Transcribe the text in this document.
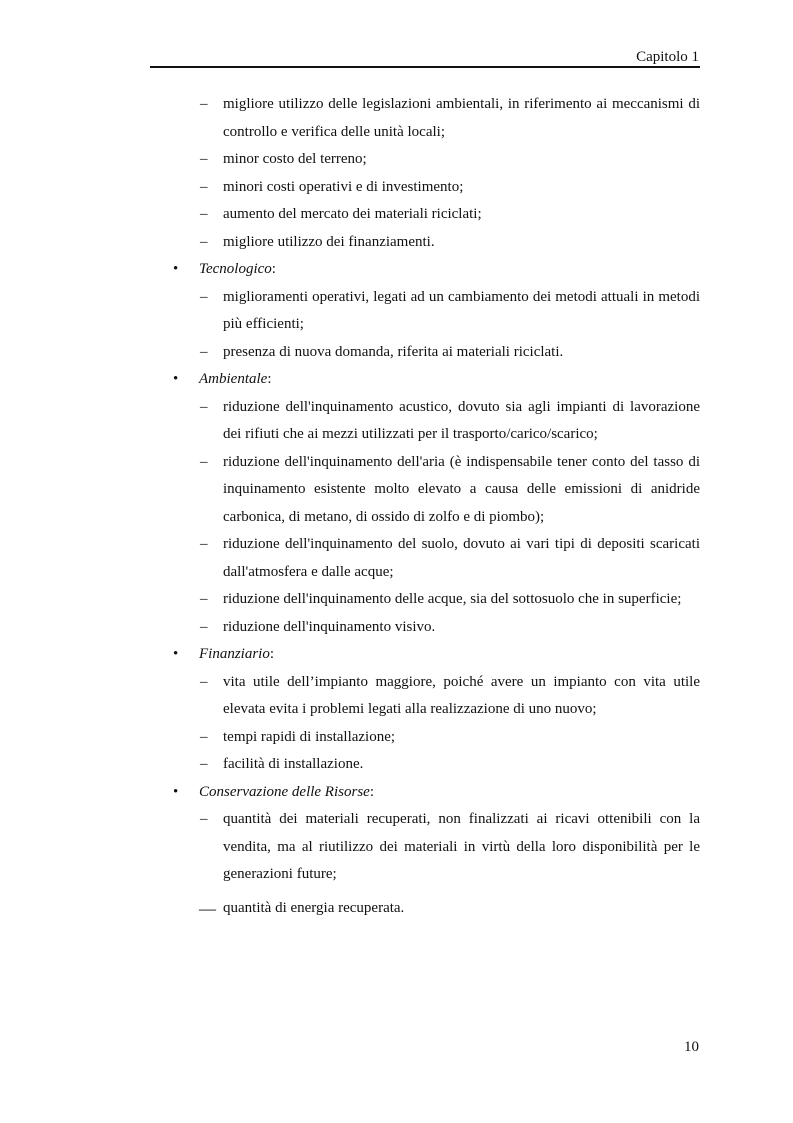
Capitolo 1
– migliore utilizzo delle legislazioni ambientali, in riferimento ai meccanismi di controllo e verifica delle unità locali;
– minor costo del terreno;
– minori costi operativi e di investimento;
– aumento del mercato dei materiali riciclati;
– migliore utilizzo dei finanziamenti.
• Tecnologico:
– miglioramenti operativi, legati ad un cambiamento dei metodi attuali in metodi più efficienti;
– presenza di nuova domanda, riferita ai materiali riciclati.
• Ambientale:
– riduzione dell'inquinamento acustico, dovuto sia agli impianti di lavorazione dei rifiuti che ai mezzi utilizzati per il trasporto/carico/scarico;
– riduzione dell'inquinamento dell'aria (è indispensabile tener conto del tasso di inquinamento esistente molto elevato a causa delle emissioni di anidride carbonica, di metano, di ossido di zolfo e di piombo);
– riduzione dell'inquinamento del suolo, dovuto ai vari tipi di depositi scaricati dall'atmosfera e dalle acque;
– riduzione dell'inquinamento delle acque, sia del sottosuolo che in superficie;
– riduzione dell'inquinamento visivo.
• Finanziario:
– vita utile dell’impianto maggiore, poiché avere un impianto con vita utile elevata evita i problemi legati alla realizzazione di uno nuovo;
– tempi rapidi di installazione;
– facilità di installazione.
• Conservazione delle Risorse:
– quantità dei materiali recuperati, non finalizzati ai ricavi ottenibili con la vendita, ma al riutilizzo dei materiali in virtù della loro disponibilità per le generazioni future;
— quantità di energia recuperata.
10
